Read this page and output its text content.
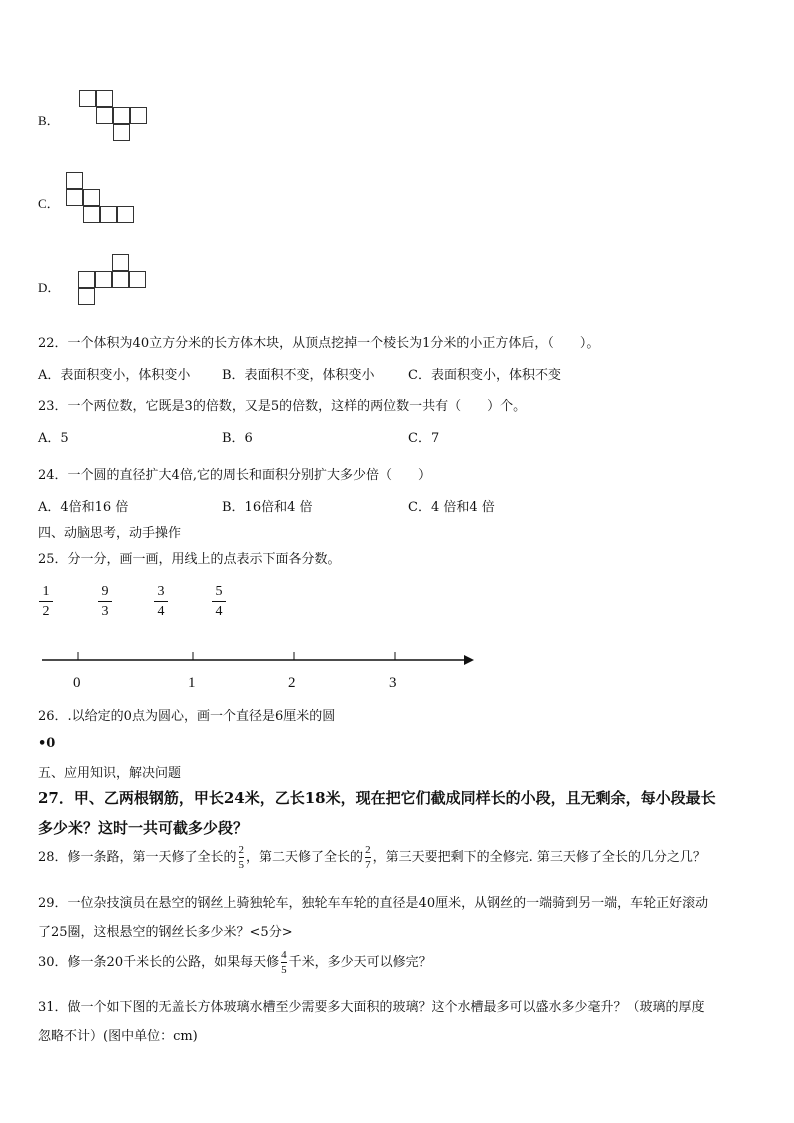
B．
C．
D．
22．一个体积为40立方分米的长方体木块，从顶点挖掉一个棱长为1分米的小正方体后，（　　）。
A．表面积变小，体积变小 B．表面积不变，体积变小	C．表面积变小，体积不变
23．一个两位数，它既是3的倍数，又是5的倍数，这样的两位数一共有（　　）个。
A．5	B．6	C．7
24．一个圆的直径扩大4倍,它的周长和面积分别扩大多少倍（　　）
A．4倍和16 倍	B．16倍和4 倍	C．4 倍和4 倍
四、动脑思考，动手操作
25．分一分，画一画，用线上的点表示下面各分数。
1
2
9
3
3
4
5
4
0	1	2	3
26．.以给定的0点为圆心，画一个直径是6厘米的圆
•0
五、应用知识，解决问题
27．甲、乙两根钢筋，甲长24米，乙长18米，现在把它们截成同样长的小段，且无剩余，每小段最长
多少米？这时一共可截多少段？
28．修一条路，第一天修了全长的 $\frac{2}{5}$ ，第二天修了全长的 $\frac{2}{7}$ ，第三天要把剩下的全修完. 第三天修了全长的几分之几？
29．一位杂技演员在悬空的钢丝上骑独轮车，独轮车车轮的直径是40厘米，从钢丝的一端骑到另一端，车轮正好滚动
了25圈，这根悬空的钢丝长多少米？<5分>
30．修一条20千米长的公路，如果每天修 $\frac{4}{5}$ 千米，多少天可以修完？
31．做一个如下图的无盖长方体玻璃水槽至少需要多大面积的玻璃？这个水槽最多可以盛水多少毫升？（玻璃的厚度
忽略不计）(图中单位：cm)
